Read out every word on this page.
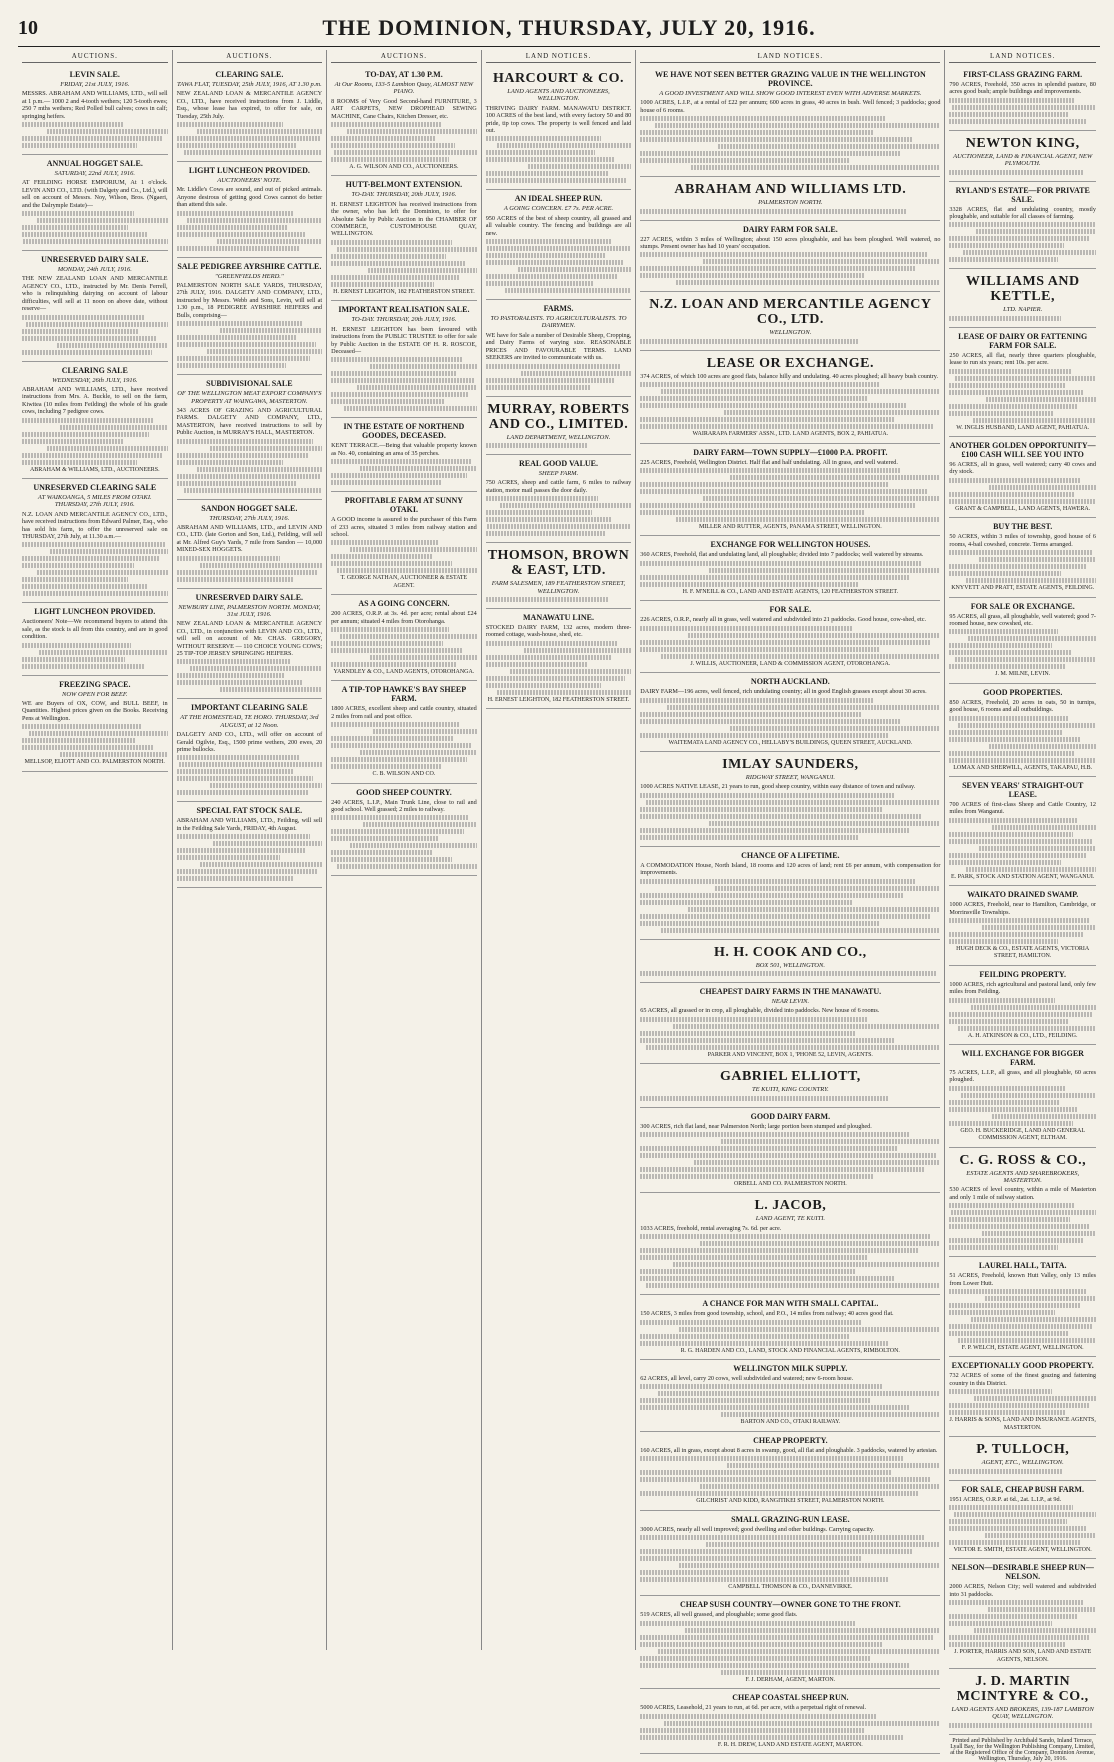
10	THE DOMINION, THURSDAY, JULY 20, 1916.
AUCTIONS.
LEVIN SALE.
FRIDAY, 21st JULY, 1916.
MESSRS. ABRAHAM AND WILLIAMS, LTD., will sell at 1 p.m.— 1000 2 and 4-tooth wethers; 120 5-tooth ewes; 250 7 mths wethers; Red Polled bull calves; cows in calf; springing heifers.
ANNUAL HOGGET SALE.
SATURDAY, 22nd JULY, 1916.
AT FEILDING HORSE EMPORIUM, At 1 o'clock. LEVIN AND CO., LTD. (with Dalgety and Co., Ltd.), will sell on account of Messrs. Noy, Wilson, Bros. (Ngaeri, and the Dalrymple Estate)—
UNRESERVED DAIRY SALE.
MONDAY, 24th JULY, 1916.
THE NEW ZEALAND LOAN AND MERCANTILE AGENCY CO., LTD., instructed by Mr. Denis Ferrell, who is relinquishing dairying on account of labour difficulties, will sell at 11 noon on above date, without reserve—
CLEARING SALE
WEDNESDAY, 26th JULY, 1916.
ABRAHAM AND WILLIAMS, LTD., have received instructions from Mrs. A. Buckle, to sell on the farm, Kiwitea (10 miles from Feilding) the whole of his grade cows, including 7 pedigree cows.
ABRAHAM & WILLIAMS, LTD., AUCTIONEERS.
UNRESERVED CLEARING SALE
AT WAIKOANGA, 5 MILES FROM OTAKI. THURSDAY, 27th JULY, 1916.
N.Z. LOAN AND MERCANTILE AGENCY CO., LTD., have received instructions from Edward Palmer, Esq., who has sold his farm, to offer the unreserved sale on THURSDAY, 27th July, at 11.30 a.m.—
LIGHT LUNCHEON PROVIDED.
Auctioneers' Note—We recommend buyers to attend this sale, as the stock is all from this country, and are in good condition.
FREEZING SPACE.
NOW OPEN FOR BEEF.
WE are Buyers of OX, COW, and BULL BEEF, in Quantities. Highest prices given on the Books. Receiving Pens at Wellington.
MELLSOP, ELIOTT AND CO. PALMERSTON NORTH.
AUCTIONS.
CLEARING SALE.
TAWA FLAT, TUESDAY, 25th JULY, 1916, AT 1.30 p.m.
NEW ZEALAND LOAN & MERCANTILE AGENCY CO., LTD., have received instructions from J. Liddle, Esq., whose lease has expired, to offer for sale, on Tuesday, 25th July.
LIGHT LUNCHEON PROVIDED.
AUCTIONEERS' NOTE.
Mr. Liddle's Cows are sound, and out of picked animals. Anyone desirous of getting good Cows cannot do better than attend this sale.
SALE PEDIGREE AYRSHIRE CATTLE.
"GREENFIELDS HERD."
PALMERSTON NORTH SALE YARDS, THURSDAY, 27th JULY, 1916. DALGETY AND COMPANY, LTD., instructed by Messrs. Webb and Sons, Levin, will sell at 1.30 p.m., 18 PEDIGREE AYRSHIRE HEIFERS and Bulls, comprising—
SUBDIVISIONAL SALE
OF THE WELLINGTON MEAT EXPORT COMPANY'S PROPERTY AT WAINGAWA, MASTERTON.
343 ACRES OF GRAZING AND AGRICULTURAL FARMS. DALGETY AND COMPANY, LTD., MASTERTON, have received instructions to sell by Public Auction, in MURRAY'S HALL, MASTERTON.
SANDON HOGGET SALE.
THURSDAY, 27th JULY, 1916.
ABRAHAM AND WILLIAMS, LTD., and LEVIN AND CO., LTD. (late Gorton and Son, Ltd.), Feilding, will sell at Mr. Alfred Guy's Yards, 7 mile from Sandon — 10,000 MIXED-SEX HOGGETS.
UNRESERVED DAIRY SALE.
NEWBURY LINE, PALMERSTON NORTH. MONDAY, 31st JULY, 1916.
NEW ZEALAND LOAN & MERCANTILE AGENCY CO., LTD., in conjunction with LEVIN AND CO., LTD., will sell on account of Mr. CHAS. GREGORY, WITHOUT RESERVE — 110 CHOICE YOUNG COWS; 25 TIP-TOP JERSEY SPRINGING HEIFERS.
IMPORTANT CLEARING SALE
AT THE HOMESTEAD, TE HORO. THURSDAY, 3rd AUGUST, at 12 Noon.
DALGETY AND CO., LTD., will offer on account of Gerald Ogilvie, Esq., 1500 prime wethers, 200 ewes, 20 prime bullocks.
SPECIAL FAT STOCK SALE.
ABRAHAM AND WILLIAMS, LTD., Feilding, will sell in the Feilding Sale Yards, FRIDAY, 4th August.
AUCTIONS.
TO-DAY, AT 1.30 P.M.
At Our Rooms, 133-5 Lambton Quay, ALMOST NEW PIANO.
8 ROOMS of Very Good Second-hand FURNITURE, 3 ART CARPETS, NEW DROPHEAD SEWING MACHINE, Cane Chairs, Kitchen Dresser, etc.
A. G. WILSON AND CO., AUCTIONEERS.
HUTT-BELMONT EXTENSION.
TO-DAY. THURSDAY, 20th JULY, 1916.
H. ERNEST LEIGHTON has received instructions from the owner, who has left the Dominion, to offer for Absolute Sale by Public Auction in the CHAMBER OF COMMERCE, CUSTOMHOUSE QUAY, WELLINGTON.
H. ERNEST LEIGHTON, 182 FEATHERSTON STREET.
IMPORTANT REALISATION SALE.
TO-DAY. THURSDAY, 20th JULY, 1916.
H. ERNEST LEIGHTON has been favoured with instructions from the PUBLIC TRUSTEE to offer for sale by Public Auction in the ESTATE OF H. R. ROSCOE, Deceased—
IN THE ESTATE OF NORTHEND GOODES, DECEASED.
KENT TERRACE.—Being that valuable property known as No. 40, containing an area of 35 perches.
PROFITABLE FARM AT SUNNY OTAKI.
A GOOD income is assured to the purchaser of this Farm of 233 acres, situated 3 miles from railway station and school.
T. GEORGE NATHAN, AUCTIONEER & ESTATE AGENT.
AS A GOING CONCERN.
200 ACRES, O.R.P. at 3s. 4d. per acre; rental about £24 per annum; situated 4 miles from Otorohanga.
YARNDLEY & CO., LAND AGENTS, OTOROHANGA.
A TIP-TOP HAWKE'S BAY SHEEP FARM.
1800 ACRES, excellent sheep and cattle country, situated 2 miles from rail and post office.
C. B. WILSON AND CO.
GOOD SHEEP COUNTRY.
240 ACRES, L.I.P., Main Trunk Line, close to rail and good school. Well grassed; 2 miles to railway.
LAND NOTICES.
HARCOURT & CO.
LAND AGENTS AND AUCTIONEERS, WELLINGTON.
THRIVING DAIRY FARM. MANAWATU DISTRICT. 100 ACRES of the best land, with every factory 50 and 80 pride, tip top cows. The property is well fenced and laid out.
AN IDEAL SHEEP RUN.
A GOING CONCERN. £7 7s. PER ACRE.
950 ACRES of the best of sheep country, all grassed and all valuable country. The fencing and buildings are all new.
FARMS.
TO PASTORALISTS. TO AGRICULTURALISTS. TO DAIRYMEN.
WE have for Sale a number of Desirable Sheep, Cropping, and Dairy Farms of varying size. REASONABLE PRICES AND FAVOURABLE TERMS. LAND SEEKERS are invited to communicate with us.
MURRAY, ROBERTS AND CO., LIMITED.
LAND DEPARTMENT, WELLINGTON.
REAL GOOD VALUE.
SHEEP FARM.
750 ACRES, sheep and cattle farm, 6 miles to railway station, motor mail passes the door daily.
THOMSON, BROWN & EAST, LTD.
FARM SALESMEN, 189 FEATHERSTON STREET, WELLINGTON.
MANAWATU LINE.
STOCKED DAIRY FARM, 132 acres, modern three-roomed cottage, wash-house, shed, etc.
H. ERNEST LEIGHTON, 182 FEATHERSTON STREET.
LAND NOTICES.
WE HAVE NOT SEEN BETTER GRAZING VALUE IN THE WELLINGTON PROVINCE.
A GOOD INVESTMENT AND WILL SHOW GOOD INTEREST EVEN WITH ADVERSE MARKETS.
1000 ACRES, L.I.P., at a rental of £22 per annum; 600 acres in grass, 40 acres in bush. Well fenced; 3 paddocks; good house of 6 rooms.
ABRAHAM AND WILLIAMS LTD.
PALMERSTON NORTH.
DAIRY FARM FOR SALE.
227 ACRES, within 3 miles of Wellington; about 150 acres ploughable, and has been ploughed. Well watered, no stumps. Present owner has had 10 years' occupation.
N.Z. LOAN AND MERCANTILE AGENCY CO., LTD.
WELLINGTON.
LEASE OR EXCHANGE.
374 ACRES, of which 100 acres are good flats, balance hilly and undulating. 40 acres ploughed; all heavy bush country.
WAIRARAPA FARMERS' ASSN., LTD. LAND AGENTS, BOX 2, PAHIATUA.
DAIRY FARM—TOWN SUPPLY—£1000 P.A. PROFIT.
225 ACRES, Freehold, Wellington District. Half flat and half undulating. All in grass, and well watered.
MILLER AND RUTTER, AGENTS, PANAMA STREET, WELLINGTON.
EXCHANGE FOR WELLINGTON HOUSES.
360 ACRES, Freehold, flat and undulating land, all ploughable; divided into 7 paddocks; well watered by streams.
H. F. M'NEILL & CO., LAND AND ESTATE AGENTS, 120 FEATHERSTON STREET.
FOR SALE.
226 ACRES, O.R.P., nearly all in grass, well watered and subdivided into 21 paddocks. Good house, cow-shed, etc.
J. WILLIS, AUCTIONEER, LAND & COMMISSION AGENT, OTOROHANGA.
NORTH AUCKLAND.
DAIRY FARM—196 acres, well fenced, rich undulating country; all in good English grasses except about 30 acres.
WAITEMATA LAND AGENCY CO., HELLABY'S BUILDINGS, QUEEN STREET, AUCKLAND.
IMLAY SAUNDERS,
RIDGWAY STREET, WANGANUI.
1000 ACRES NATIVE LEASE, 21 years to run, good sheep country, within easy distance of town and railway.
CHANCE OF A LIFETIME.
A COMMODATION House, North Island, 18 rooms and 120 acres of land; rent £6 per annum, with compensation for improvements.
H. H. COOK AND CO.,
BOX 501, WELLINGTON.
CHEAPEST DAIRY FARMS IN THE MANAWATU.
NEAR LEVIN.
65 ACRES, all grassed or in crop, all ploughable, divided into paddocks. New house of 6 rooms.
PARKER AND VINCENT, BOX 1, 'PHONE 52, LEVIN, AGENTS.
GABRIEL ELLIOTT,
TE KUITI, KING COUNTRY.
GOOD DAIRY FARM.
300 ACRES, rich flat land, near Palmerston North; large portion been stumped and ploughed.
ORBELL AND CO. PALMERSTON NORTH.
L. JACOB,
LAND AGENT, TE KUITI.
1033 ACRES, freehold, rental averaging 7s. 6d. per acre.
A CHANCE FOR MAN WITH SMALL CAPITAL.
150 ACRES, 3 miles from good township, school, and P.O., 14 miles from railway; 40 acres good flat.
R. G. HARDEN AND CO., LAND, STOCK AND FINANCIAL AGENTS, RIMBOLTON.
WELLINGTON MILK SUPPLY.
62 ACRES, all level, carry 20 cows, well subdivided and watered; new 6-room house.
BARTON AND CO., OTAKI RAILWAY.
CHEAP PROPERTY.
160 ACRES, all in grass, except about 8 acres in swamp, good, all flat and ploughable. 3 paddocks, watered by artesian.
GILCHRIST AND KIDD, RANGITIKEI STREET, PALMERSTON NORTH.
SMALL GRAZING-RUN LEASE.
3000 ACRES, nearly all well improved; good dwelling and other buildings. Carrying capacity.
CAMPBELL THOMSON & CO., DANNEVIRKE.
CHEAP SUSH COUNTRY—OWNER GONE TO THE FRONT.
519 ACRES, all well grassed, and ploughable; some good flats.
F. J. DERHAM, AGENT, MARTON.
CHEAP COASTAL SHEEP RUN.
5000 ACRES, Leasehold, 21 years to run, at 6d. per acre, with a perpetual right of renewal.
F. R. H. DREW, LAND AND ESTATE AGENT, MARTON.
LAND NOTICES.
FIRST-CLASS GRAZING FARM.
790 ACRES, Freehold, 350 acres in splendid pasture, 80 acres good bush; ample buildings and improvements.
NEWTON KING,
AUCTIONEER, LAND & FINANCIAL AGENT, NEW PLYMOUTH.
RYLAND'S ESTATE—FOR PRIVATE SALE.
3328 ACRES, flat and undulating country, mostly ploughable, and suitable for all classes of farming.
WILLIAMS AND KETTLE,
LTD. NAPIER.
LEASE OF DAIRY OR FATTENING FARM FOR SALE.
250 ACRES, all flat, nearly three quarters ploughable, lease to run six years; rent 10s. per acre.
W. INGLIS HUSBAND, LAND AGENT, PAHIATUA.
ANOTHER GOLDEN OPPORTUNITY—£100 CASH WILL SEE YOU INTO
96 ACRES, all in grass, well watered; carry 40 cows and dry stock.
GRANT & CAMPBELL, LAND AGENTS, HAWERA.
BUY THE BEST.
50 ACRES, within 3 miles of township, good house of 6 rooms, 4-bail cowshed, concrete. Terms arranged.
KNYVETT AND PRATT, ESTATE AGENTS, FEILDING.
FOR SALE OR EXCHANGE.
95 ACRES, all grass, all ploughable, well watered; good 7-roomed house, new cowshed, etc.
J. M. MILNE, LEVIN.
GOOD PROPERTIES.
850 ACRES, Freehold, 20 acres in oats, 50 in turnips, good house, 6 rooms and all outbuildings.
LOMAX AND SHERWILL, AGENTS, TAKAPAU, H.B.
SEVEN YEARS' STRAIGHT-OUT LEASE.
700 ACRES of first-class Sheep and Cattle Country, 12 miles from Wanganui.
E. PARK, STOCK AND STATION AGENT, WANGANUI.
WAIKATO DRAINED SWAMP.
1000 ACRES, Freehold, near to Hamilton, Cambridge, or Morrinsville Townships.
HUGH DECK & CO., ESTATE AGENTS, VICTORIA STREET, HAMILTON.
FEILDING PROPERTY.
1000 ACRES, rich agricultural and pastoral land, only few miles from Feilding.
A. H. ATKINSON & CO., LTD., FEILDING.
WILL EXCHANGE FOR BIGGER FARM.
75 ACRES, L.I.P., all grass, and all ploughable, 60 acres ploughed.
GEO. H. BUCKERIDGE, LAND AND GENERAL COMMISSION AGENT, ELTHAM.
C. G. ROSS & CO.,
ESTATE AGENTS AND SHAREBROKERS, MASTERTON.
530 ACRES of level country, within a mile of Masterton and only 1 mile of railway station.
LAUREL HALL, TAITA.
51 ACRES, Freehold, known Hutt Valley, only 13 miles from Lower Hutt.
F. P. WELCH, ESTATE AGENT, WELLINGTON.
EXCEPTIONALLY GOOD PROPERTY.
732 ACRES of some of the finest grazing and fattening country in this District.
J. HARRIS & SONS, LAND AND INSURANCE AGENTS, MASTERTON.
P. TULLOCH,
AGENT, ETC., WELLINGTON.
FOR SALE, CHEAP BUSH FARM.
1951 ACRES, O.R.P. at 6d., 2at. L.I.P., at 9d.
VICTOR E. SMITH, ESTATE AGENT, WELLINGTON.
NELSON—DESIRABLE SHEEP RUN—NELSON.
2000 ACRES, Nelson City; well watered and subdivided into 31 paddocks.
J. PORTER, HARRIS AND SON, LAND AND ESTATE AGENTS, NELSON.
J. D. MARTIN MCINTYRE & CO.,
LAND AGENTS AND BROKERS, 139-187 LAMBTON QUAY, WELLINGTON.
Printed and Published by Archibald Sando, Inland Terrace, Lyall Bay, for the Wellington Publishing Company, Limited, at the Registered Office of the Company, Dominion Avenue, Wellington, Thursday, July 20, 1916.
